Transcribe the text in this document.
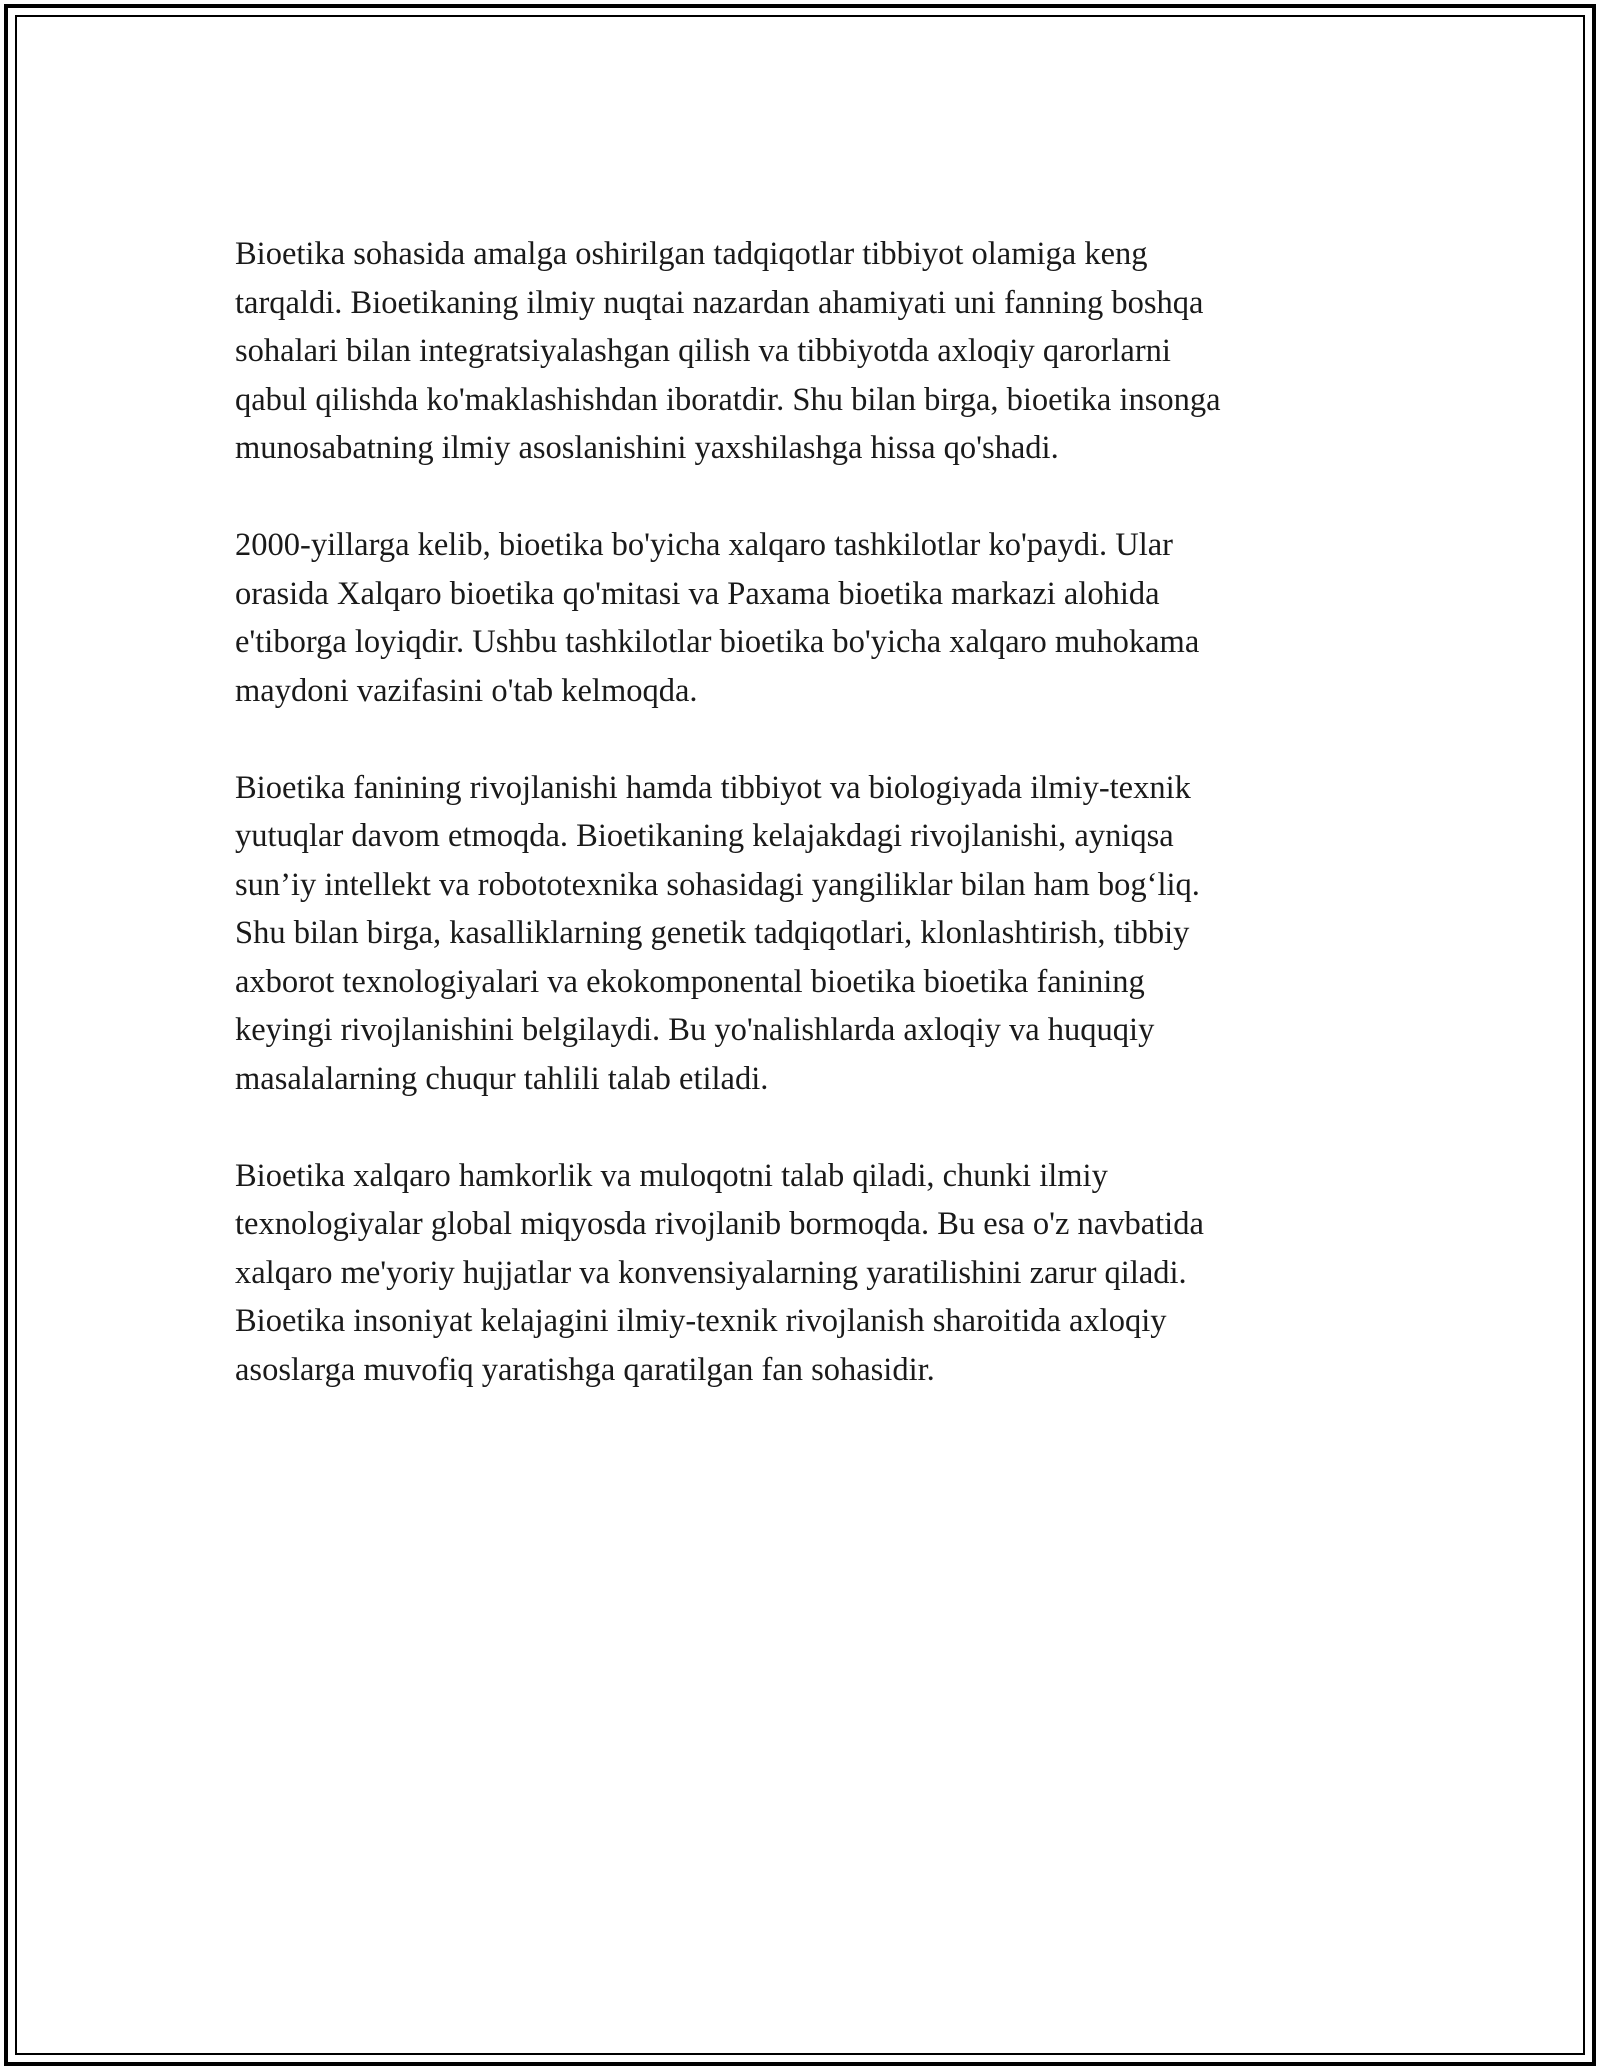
Bioetika sohasida amalga oshirilgan tadqiqotlar tibbiyot olamiga keng
tarqaldi. Bioetikaning ilmiy nuqtai nazardan ahamiyati uni fanning boshqa
sohalari bilan integratsiyalashgan qilish va tibbiyotda axloqiy qarorlarni
qabul qilishda ko'maklashishdan iboratdir. Shu bilan birga, bioetika insonga
munosabatning ilmiy asoslanishini yaxshilashga hissa qo'shadi.

2000-yillarga kelib, bioetika bo'yicha xalqaro tashkilotlar ko'paydi. Ular
orasida Xalqaro bioetika qo'mitasi va Paxama bioetika markazi alohida
e'tiborga loyiqdir. Ushbu tashkilotlar bioetika bo'yicha xalqaro muhokama
maydoni vazifasini o'tab kelmoqda.

Bioetika fanining rivojlanishi hamda tibbiyot va biologiyada ilmiy-texnik
yutuqlar davom etmoqda. Bioetikaning kelajakdagi rivojlanishi, ayniqsa
sun’iy intellekt va robototexnika sohasidagi yangiliklar bilan ham bog‘liq.
Shu bilan birga, kasalliklarning genetik tadqiqotlari, klonlashtirish, tibbiy
axborot texnologiyalari va ekokomponental bioetika bioetika fanining
keyingi rivojlanishini belgilaydi. Bu yo'nalishlarda axloqiy va huquqiy
masalalarning chuqur tahlili talab etiladi.

Bioetika xalqaro hamkorlik va muloqotni talab qiladi, chunki ilmiy
texnologiyalar global miqyosda rivojlanib bormoqda. Bu esa o'z navbatida
xalqaro me'yoriy hujjatlar va konvensiyalarning yaratilishini zarur qiladi.
Bioetika insoniyat kelajagini ilmiy-texnik rivojlanish sharoitida axloqiy
asoslarga muvofiq yaratishga qaratilgan fan sohasidir.
